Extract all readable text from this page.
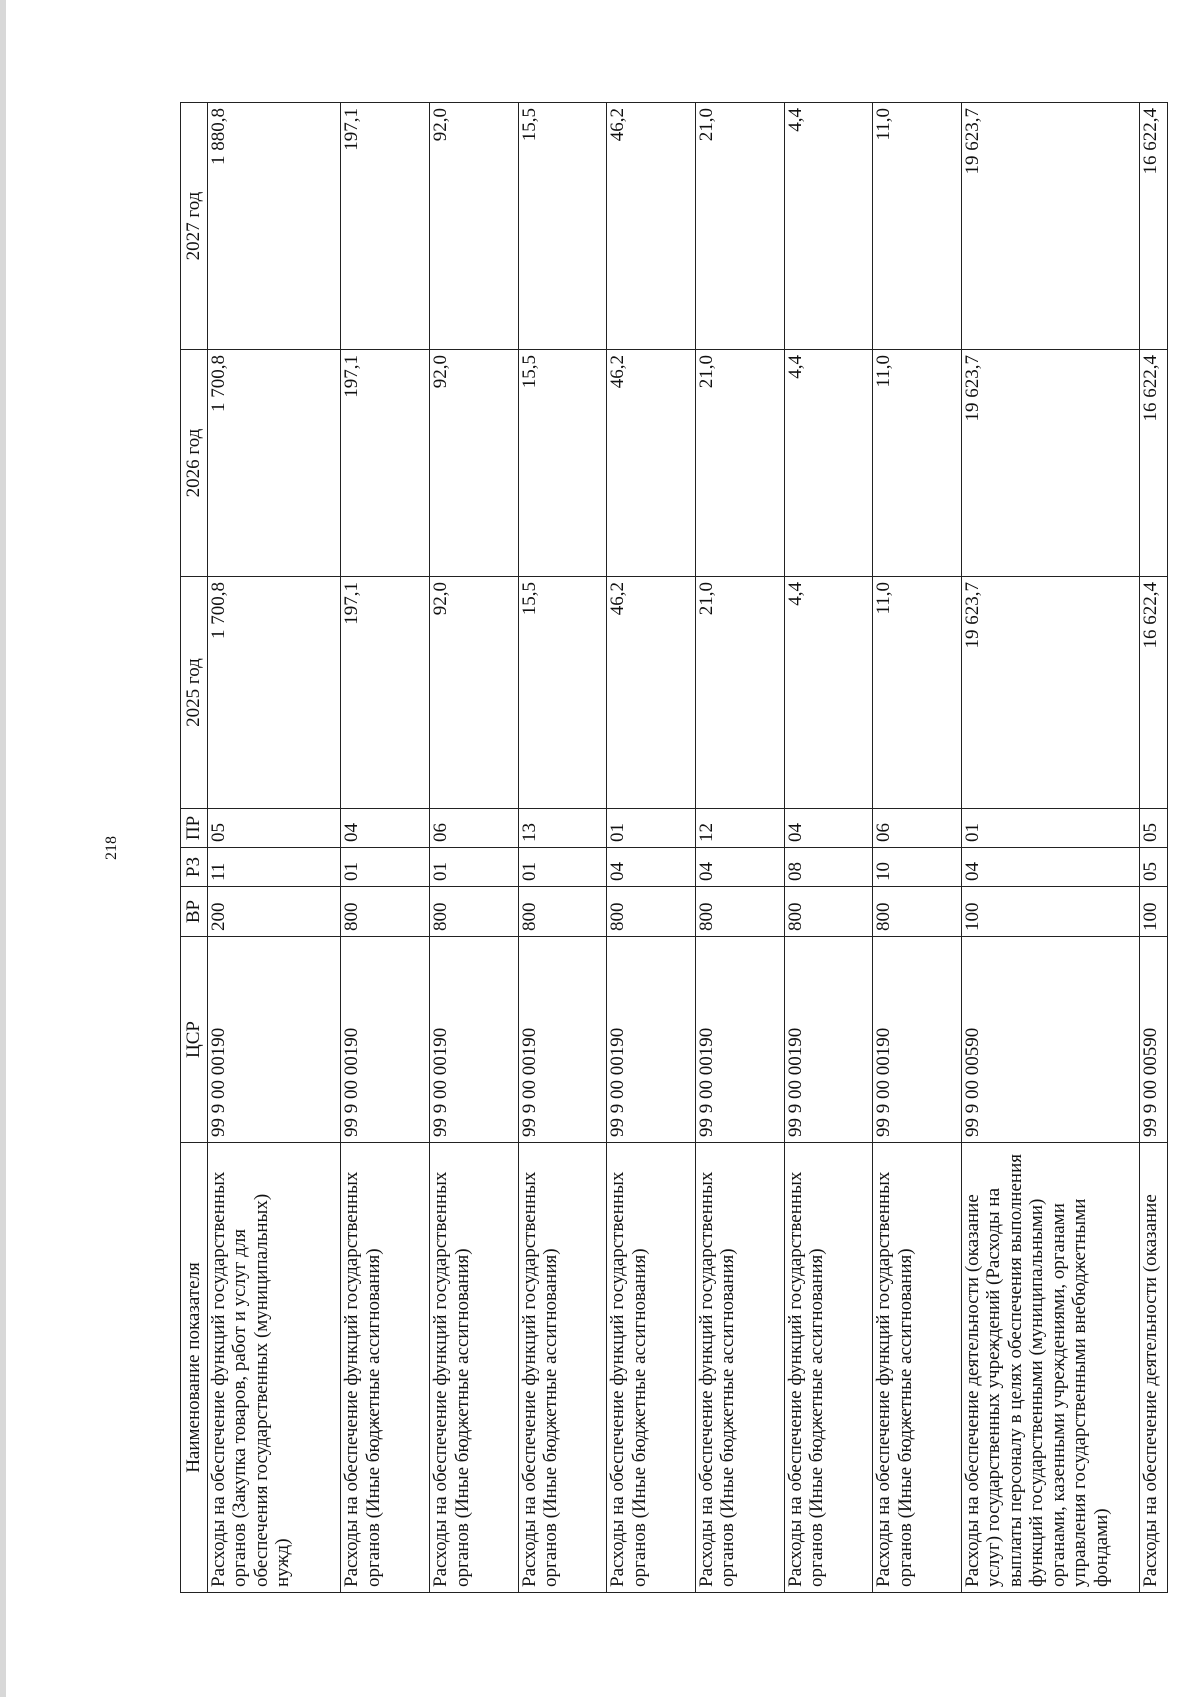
218
Наименование показателя	ЦСР	ВР	РЗ	ПР	2025 год	2026 год	2027 год
Расходы на обеспечение функций государственных органов (Закупка товаров, работ и услуг для обеспечения государственных (муниципальных) нужд)	99 9 00 00190	200	11	05	1 700,8	1 700,8	1 880,8
Расходы на обеспечение функций государственных органов (Иные бюджетные ассигнования)	99 9 00 00190	800	01	04	197,1	197,1	197,1
Расходы на обеспечение функций государственных органов (Иные бюджетные ассигнования)	99 9 00 00190	800	01	06	92,0	92,0	92,0
Расходы на обеспечение функций государственных органов (Иные бюджетные ассигнования)	99 9 00 00190	800	01	13	15,5	15,5	15,5
Расходы на обеспечение функций государственных органов (Иные бюджетные ассигнования)	99 9 00 00190	800	04	01	46,2	46,2	46,2
Расходы на обеспечение функций государственных органов (Иные бюджетные ассигнования)	99 9 00 00190	800	04	12	21,0	21,0	21,0
Расходы на обеспечение функций государственных органов (Иные бюджетные ассигнования)	99 9 00 00190	800	08	04	4,4	4,4	4,4
Расходы на обеспечение функций государственных органов (Иные бюджетные ассигнования)	99 9 00 00190	800	10	06	11,0	11,0	11,0
Расходы на обеспечение деятельности (оказание услуг) государственных учреждений (Расходы на выплаты персоналу в целях обеспечения выполнения функций государственными (муниципальными) органами, казенными учреждениями, органами управления государственными внебюджетными фондами)	99 9 00 00590	100	04	01	19 623,7	19 623,7	19 623,7
Расходы на обеспечение деятельности (оказание	99 9 00 00590	100	05	05	16 622,4	16 622,4	16 622,4
